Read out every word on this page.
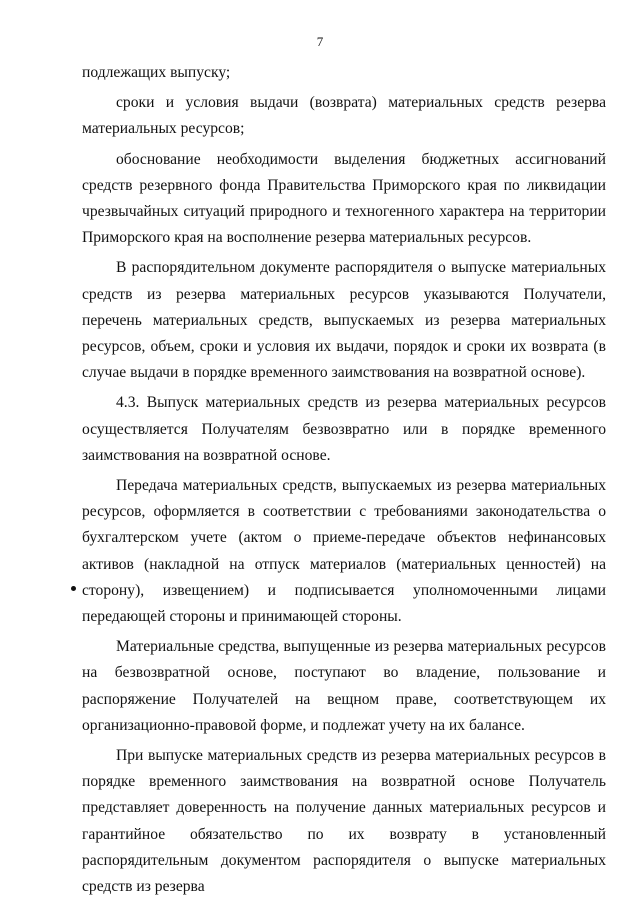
7

подлежащих выпуску;

сроки и условия выдачи (возврата) материальных средств резерва материальных ресурсов;

обоснование необходимости выделения бюджетных ассигнований средств резервного фонда Правительства Приморского края по ликвидации чрезвычайных ситуаций природного и техногенного характера на территории Приморского края на восполнение резерва материальных ресурсов.

В распорядительном документе распорядителя о выпуске материальных средств из резерва материальных ресурсов указываются Получатели, перечень материальных средств, выпускаемых из резерва материальных ресурсов, объем, сроки и условия их выдачи, порядок и сроки их возврата (в случае выдачи в порядке временного заимствования на возвратной основе).

4.3. Выпуск материальных средств из резерва материальных ресурсов осуществляется Получателям безвозвратно или в порядке временного заимствования на возвратной основе.

Передача материальных средств, выпускаемых из резерва материальных ресурсов, оформляется в соответствии с требованиями законодательства о бухгалтерском учете (актом о приеме-передаче объектов нефинансовых активов (накладной на отпуск материалов (материальных ценностей) на сторону), извещением) и подписывается уполномоченными лицами передающей стороны и принимающей стороны.

Материальные средства, выпущенные из резерва материальных ресурсов на безвозвратной основе, поступают во владение, пользование и распоряжение Получателей на вещном праве, соответствующем их организационно-правовой форме, и подлежат учету на их балансе.

При выпуске материальных средств из резерва материальных ресурсов в порядке временного заимствования на возвратной основе Получатель представляет доверенность на получение данных материальных ресурсов и гарантийное обязательство по их возврату в установленный распорядительным документом распорядителя о выпуске материальных средств из резерва
